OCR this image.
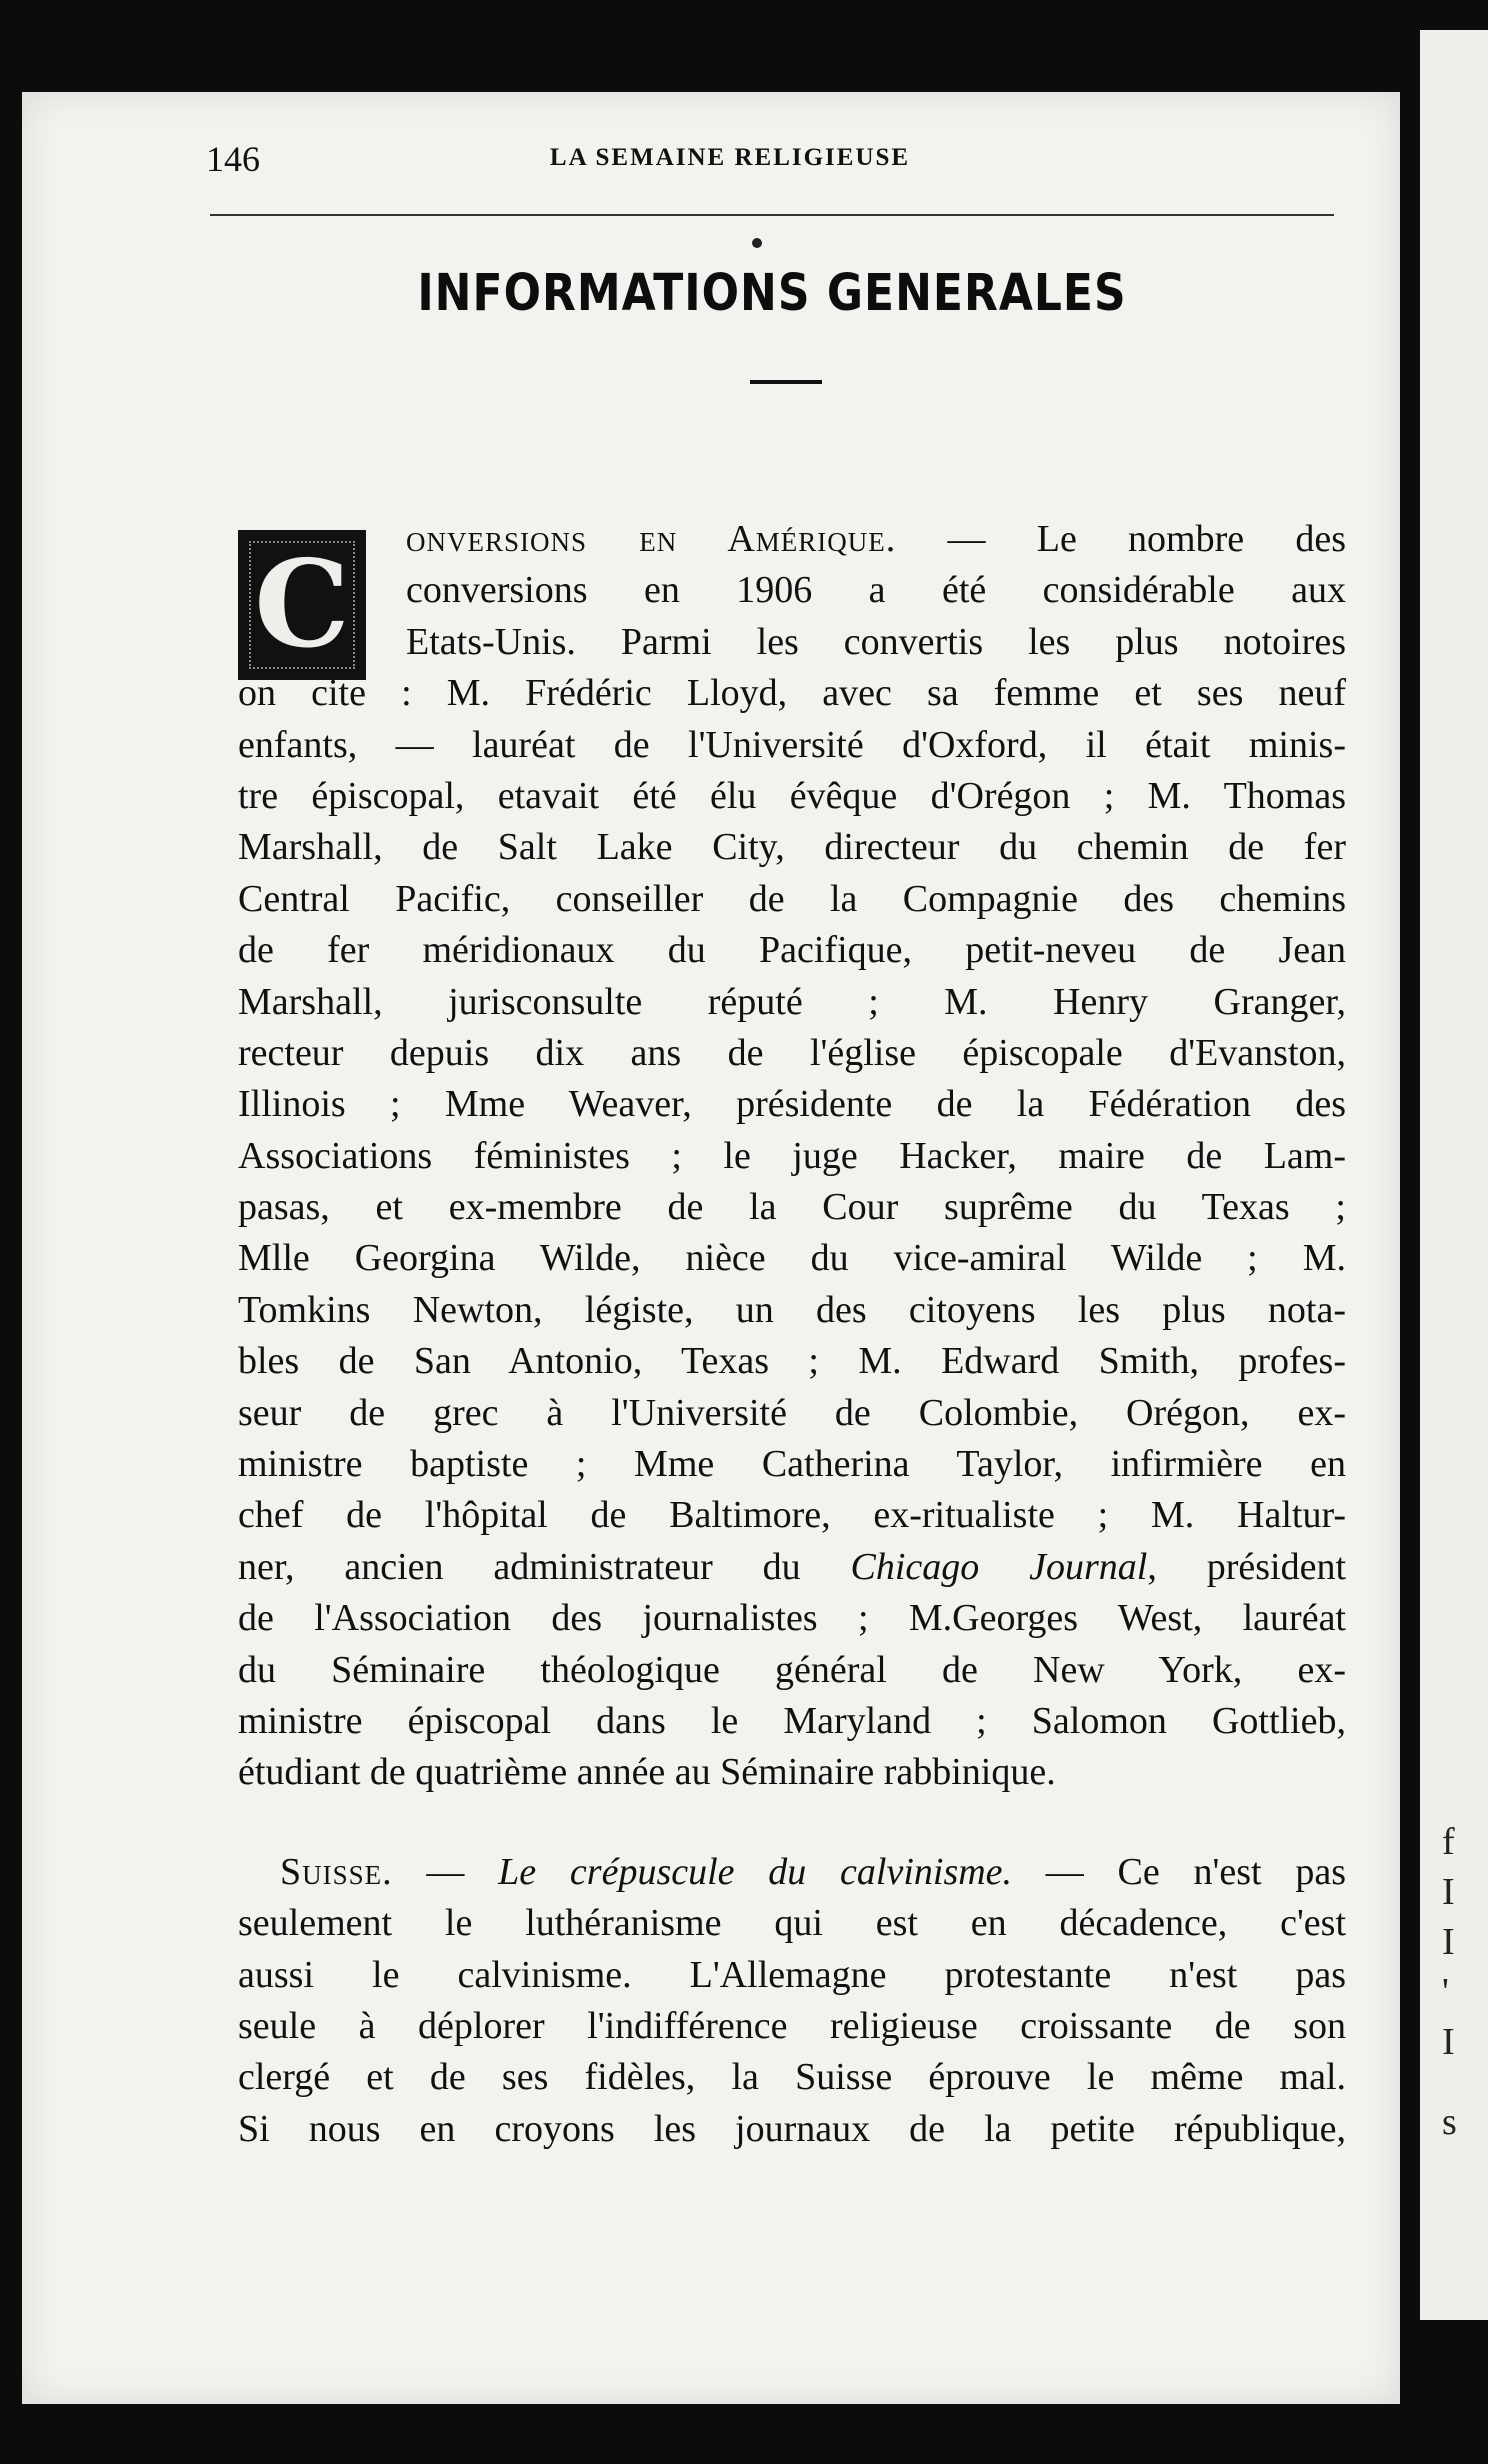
f
I
I
'
I
s
146	LA SEMAINE RELIGIEUSE
INFORMATIONS GENERALES
C onversions en Amérique. — Le nombre des
conversions en 1906 a été considérable aux
Etats-Unis. Parmi les convertis les plus notoires
on cite : M. Frédéric Lloyd, avec sa femme et ses neuf
enfants, — lauréat de l'Université d'Oxford, il était minis-
tre épiscopal, etavait été élu évêque d'Orégon ; M. Thomas
Marshall, de Salt Lake City, directeur du chemin de fer
Central Pacific, conseiller de la Compagnie des chemins
de fer méridionaux du Pacifique, petit-neveu de Jean
Marshall, jurisconsulte réputé ; M. Henry Granger,
recteur depuis dix ans de l'église épiscopale d'Evanston,
Illinois ; Mme Weaver, présidente de la Fédération des
Associations féministes ; le juge Hacker, maire de Lam-
pasas, et ex-membre de la Cour suprême du Texas ;
Mlle Georgina Wilde, nièce du vice-amiral Wilde ; M.
Tomkins Newton, légiste, un des citoyens les plus nota-
bles de San Antonio, Texas ; M. Edward Smith, profes-
seur de grec à l'Université de Colombie, Orégon, ex-
ministre baptiste ; Mme Catherina Taylor, infirmière en
chef de l'hôpital de Baltimore, ex-ritualiste ; M. Haltur-
ner, ancien administrateur du Chicago Journal, président
de l'Association des journalistes ; M.Georges West, lauréat
du Séminaire théologique général de New York, ex-
ministre épiscopal dans le Maryland ; Salomon Gottlieb,
étudiant de quatrième année au Séminaire rabbinique.
Suisse. — Le crépuscule du calvinisme. — Ce n'est pas
seulement le luthéranisme qui est en décadence, c'est
aussi le calvinisme. L'Allemagne protestante n'est pas
seule à déplorer l'indifférence religieuse croissante de son
clergé et de ses fidèles, la Suisse éprouve le même mal.
Si nous en croyons les journaux de la petite république,
